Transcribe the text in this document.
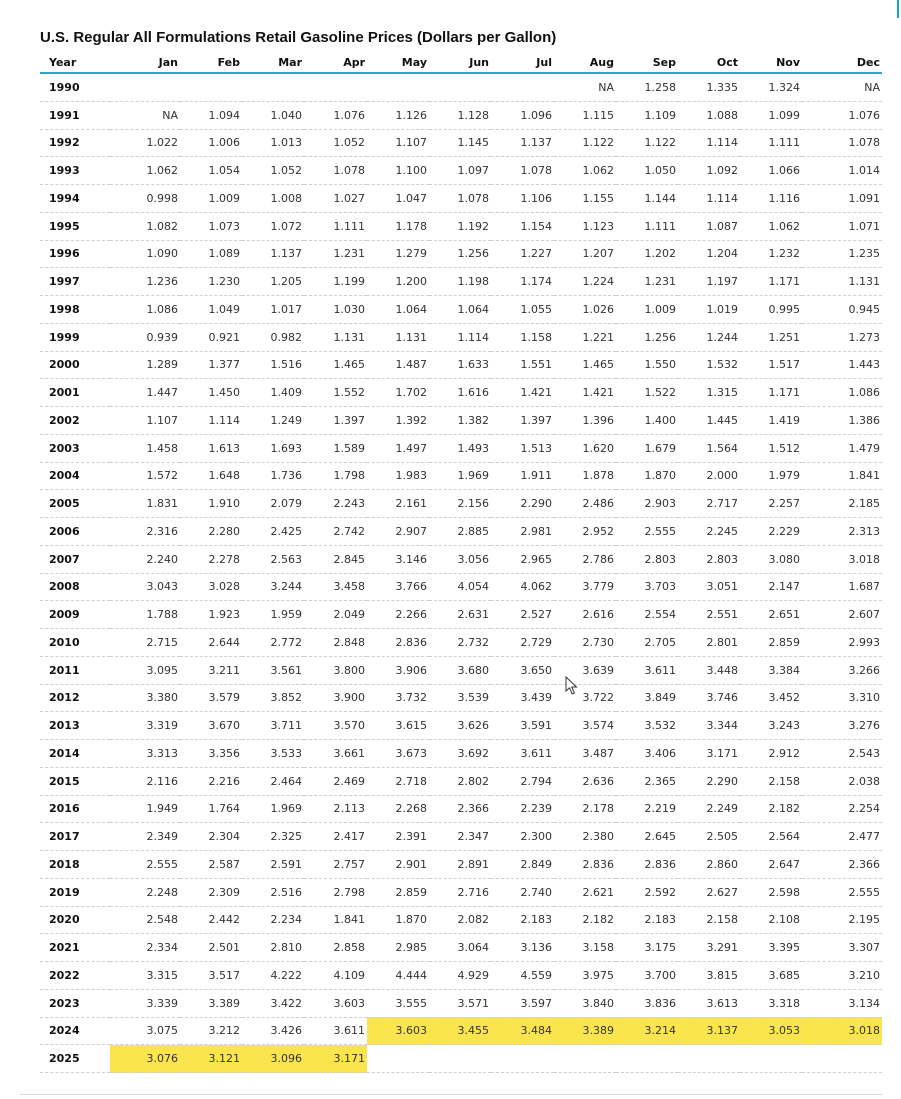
U.S. Regular All Formulations Retail Gasoline Prices (Dollars per Gallon)
Year	Jan	Feb	Mar	Apr	May	Jun	Jul	Aug	Sep	Oct	Nov	Dec
1990								NA	1.258	1.335	1.324	NA
1991	NA	1.094	1.040	1.076	1.126	1.128	1.096	1.115	1.109	1.088	1.099	1.076
1992	1.022	1.006	1.013	1.052	1.107	1.145	1.137	1.122	1.122	1.114	1.111	1.078
1993	1.062	1.054	1.052	1.078	1.100	1.097	1.078	1.062	1.050	1.092	1.066	1.014
1994	0.998	1.009	1.008	1.027	1.047	1.078	1.106	1.155	1.144	1.114	1.116	1.091
1995	1.082	1.073	1.072	1.111	1.178	1.192	1.154	1.123	1.111	1.087	1.062	1.071
1996	1.090	1.089	1.137	1.231	1.279	1.256	1.227	1.207	1.202	1.204	1.232	1.235
1997	1.236	1.230	1.205	1.199	1.200	1.198	1.174	1.224	1.231	1.197	1.171	1.131
1998	1.086	1.049	1.017	1.030	1.064	1.064	1.055	1.026	1.009	1.019	0.995	0.945
1999	0.939	0.921	0.982	1.131	1.131	1.114	1.158	1.221	1.256	1.244	1.251	1.273
2000	1.289	1.377	1.516	1.465	1.487	1.633	1.551	1.465	1.550	1.532	1.517	1.443
2001	1.447	1.450	1.409	1.552	1.702	1.616	1.421	1.421	1.522	1.315	1.171	1.086
2002	1.107	1.114	1.249	1.397	1.392	1.382	1.397	1.396	1.400	1.445	1.419	1.386
2003	1.458	1.613	1.693	1.589	1.497	1.493	1.513	1.620	1.679	1.564	1.512	1.479
2004	1.572	1.648	1.736	1.798	1.983	1.969	1.911	1.878	1.870	2.000	1.979	1.841
2005	1.831	1.910	2.079	2.243	2.161	2.156	2.290	2.486	2.903	2.717	2.257	2.185
2006	2.316	2.280	2.425	2.742	2.907	2.885	2.981	2.952	2.555	2.245	2.229	2.313
2007	2.240	2.278	2.563	2.845	3.146	3.056	2.965	2.786	2.803	2.803	3.080	3.018
2008	3.043	3.028	3.244	3.458	3.766	4.054	4.062	3.779	3.703	3.051	2.147	1.687
2009	1.788	1.923	1.959	2.049	2.266	2.631	2.527	2.616	2.554	2.551	2.651	2.607
2010	2.715	2.644	2.772	2.848	2.836	2.732	2.729	2.730	2.705	2.801	2.859	2.993
2011	3.095	3.211	3.561	3.800	3.906	3.680	3.650	3.639	3.611	3.448	3.384	3.266
2012	3.380	3.579	3.852	3.900	3.732	3.539	3.439	3.722	3.849	3.746	3.452	3.310
2013	3.319	3.670	3.711	3.570	3.615	3.626	3.591	3.574	3.532	3.344	3.243	3.276
2014	3.313	3.356	3.533	3.661	3.673	3.692	3.611	3.487	3.406	3.171	2.912	2.543
2015	2.116	2.216	2.464	2.469	2.718	2.802	2.794	2.636	2.365	2.290	2.158	2.038
2016	1.949	1.764	1.969	2.113	2.268	2.366	2.239	2.178	2.219	2.249	2.182	2.254
2017	2.349	2.304	2.325	2.417	2.391	2.347	2.300	2.380	2.645	2.505	2.564	2.477
2018	2.555	2.587	2.591	2.757	2.901	2.891	2.849	2.836	2.836	2.860	2.647	2.366
2019	2.248	2.309	2.516	2.798	2.859	2.716	2.740	2.621	2.592	2.627	2.598	2.555
2020	2.548	2.442	2.234	1.841	1.870	2.082	2.183	2.182	2.183	2.158	2.108	2.195
2021	2.334	2.501	2.810	2.858	2.985	3.064	3.136	3.158	3.175	3.291	3.395	3.307
2022	3.315	3.517	4.222	4.109	4.444	4.929	4.559	3.975	3.700	3.815	3.685	3.210
2023	3.339	3.389	3.422	3.603	3.555	3.571	3.597	3.840	3.836	3.613	3.318	3.134
2024	3.075	3.212	3.426	3.611	3.603	3.455	3.484	3.389	3.214	3.137	3.053	3.018
2025	3.076	3.121	3.096	3.171								
